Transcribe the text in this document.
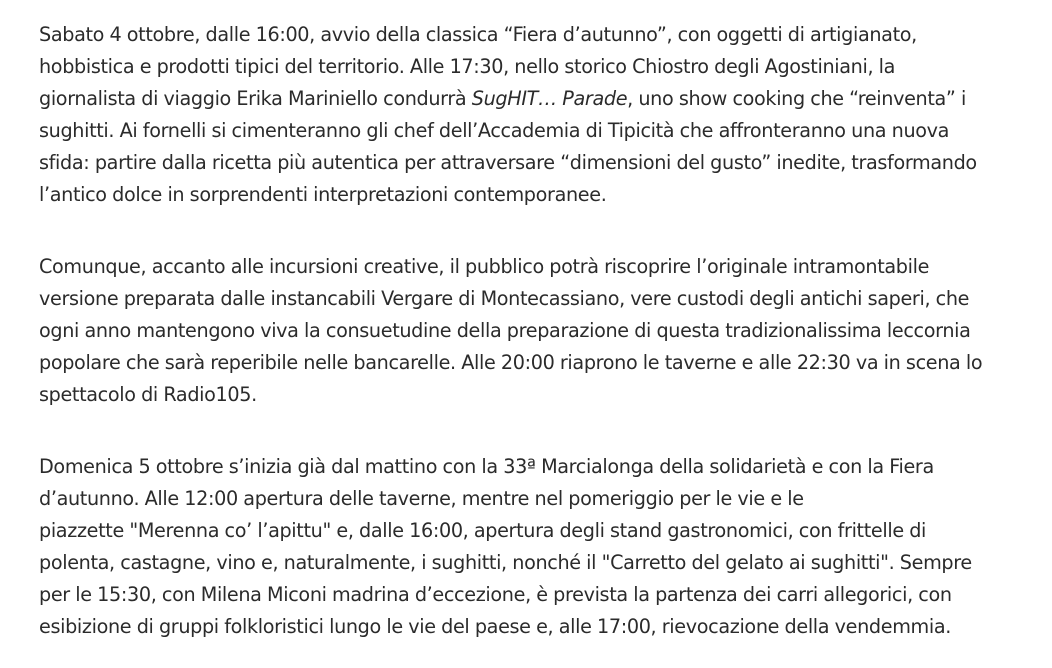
Sabato 4 ottobre, dalle 16:00, avvio della classica “Fiera d’autunno”, con oggetti di artigianato, hobbistica e prodotti tipici del territorio. Alle 17:30, nello storico Chiostro degli Agostiniani, la giornalista di viaggio Erika Mariniello condurrà SugHIT… Parade, uno show cooking che “reinventa” i sughitti. Ai fornelli si cimenteranno gli chef dell’Accademia di Tipicità che affronteranno una nuova sfida: partire dalla ricetta più autentica per attraversare “dimensioni del gusto” inedite, trasformando l’antico dolce in sorprendenti interpretazioni contemporanee.

Comunque, accanto alle incursioni creative, il pubblico potrà riscoprire l’originale intramontabile versione preparata dalle instancabili Vergare di Montecassiano, vere custodi degli antichi saperi, che ogni anno mantengono viva la consuetudine della preparazione di questa tradizionalissima leccornia popolare che sarà reperibile nelle bancarelle. Alle 20:00 riaprono le taverne e alle 22:30 va in scena lo spettacolo di Radio105.

Domenica 5 ottobre s’inizia già dal mattino con la 33ª Marcialonga della solidarietà e con la Fiera
d’autunno. Alle 12:00 apertura delle taverne, mentre nel pomeriggio per le vie e le
piazzette "Merenna co’ l’apittu" e, dalle 16:00, apertura degli stand gastronomici, con frittelle di polenta, castagne, vino e, naturalmente, i sughitti, nonché il "Carretto del gelato ai sughitti". Sempre per le 15:30, con Milena Miconi madrina d’eccezione, è prevista la partenza dei carri allegorici, con esibizione di gruppi folkloristici lungo le vie del paese e, alle 17:00, rievocazione della vendemmia.
